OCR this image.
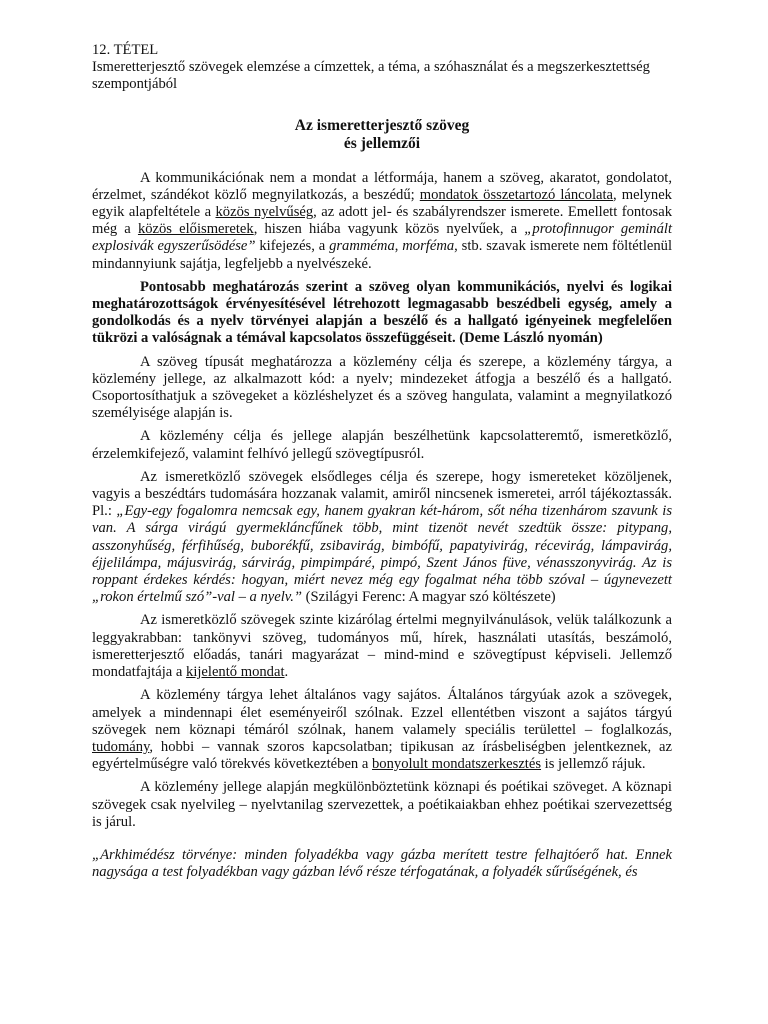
12. TÉTEL
Ismeretterjesztő szövegek elemzése a címzettek, a téma, a szóhasználat és a megszerkesztettség szempontjából
Az ismeretterjesztő szöveg
és jellemzői

A kommunikációnak nem a mondat a létformája, hanem a szöveg, akaratot, gondolatot, érzelmet, szándékot közlő megnyilatkozás, a beszédű; mondatok összetartozó láncolata, melynek egyik alapfeltétele a közös nyelvűség, az adott jel- és szabályrendszer ismerete. Emellett fontosak még a közös előismeretek, hiszen hiába vagyunk közös nyelvűek, a „protofinnugor geminált explosivák egyszerűsödése” kifejezés, a gramméma, morféma, stb. szavak ismerete nem föltétlenül mindannyiunk sajátja, legfeljebb a nyelvészeké.

Pontosabb meghatározás szerint a szöveg olyan kommunikációs, nyelvi és logikai meghatározottságok érvényesítésével létrehozott legmagasabb beszédbeli egység, amely a gondolkodás és a nyelv törvényei alapján a beszélő és a hallgató igényeinek megfelelően tükrözi a valóságnak a témával kapcsolatos összefüggéseit. (Deme László nyomán)

A szöveg típusát meghatározza a közlemény célja és szerepe, a közlemény tárgya, a közlemény jellege, az alkalmazott kód: a nyelv; mindezeket átfogja a beszélő és a hallgató. Csoportosíthatjuk a szövegeket a közléshelyzet és a szöveg hangulata, valamint a megnyilatkozó személyisége alapján is.

A közlemény célja és jellege alapján beszélhetünk kapcsolatteremtő, ismeretközlő, érzelemkifejező, valamint felhívó jellegű szövegtípusról.

Az ismeretközlő szövegek elsődleges célja és szerepe, hogy ismereteket közöljenek, vagyis a beszédtárs tudomására hozzanak valamit, amiről nincsenek ismeretei, arról tájékoztassák. Pl.: „Egy-egy fogalomra nemcsak egy, hanem gyakran két-három, sőt néha tizenhárom szavunk is van. A sárga virágú gyermekláncfűnek több, mint tizenöt nevét szedtük össze: pitypang, asszonyhűség, férfihűség, buborékfű, zsibavirág, bimbófű, papatyivirág, récevirág, lámpavirág, éjjelilámpa, májusvirág, sárvirág, pimpimpáré, pimpó, Szent János füve, vénasszonyvirág. Az is roppant érdekes kérdés: hogyan, miért nevez még egy fogalmat néha több szóval – úgynevezett „rokon értelmű szó”-val – a nyelv.” (Szilágyi Ferenc: A magyar szó költészete)

Az ismeretközlő szövegek szinte kizárólag értelmi megnyilvánulások, velük találkozunk a leggyakrabban: tankönyvi szöveg, tudományos mű, hírek, használati utasítás, beszámoló, ismeretterjesztő előadás, tanári magyarázat – mind-mind e szövegtípust képviseli. Jellemző mondatfajtája a kijelentő mondat.

A közlemény tárgya lehet általános vagy sajátos. Általános tárgyúak azok a szövegek, amelyek a mindennapi élet eseményeiről szólnak. Ezzel ellentétben viszont a sajátos tárgyú szövegek nem köznapi témáról szólnak, hanem valamely speciális területtel – foglalkozás, tudomány, hobbi – vannak szoros kapcsolatban; tipikusan az írásbeliségben jelentkeznek, az egyértelműségre való törekvés következtében a bonyolult mondatszerkesztés is jellemző rájuk.

A közlemény jellege alapján megkülönböztetünk köznapi és poétikai szöveget. A köznapi szövegek csak nyelvileg – nyelvtanilag szervezettek, a poétikaiakban ehhez poétikai szervezettség is járul.

„Arkhimédész törvénye: minden folyadékba vagy gázba merített testre felhajtóerő hat. Ennek nagysága a test folyadékban vagy gázban lévő része térfogatának, a folyadék sűrűségének, és
